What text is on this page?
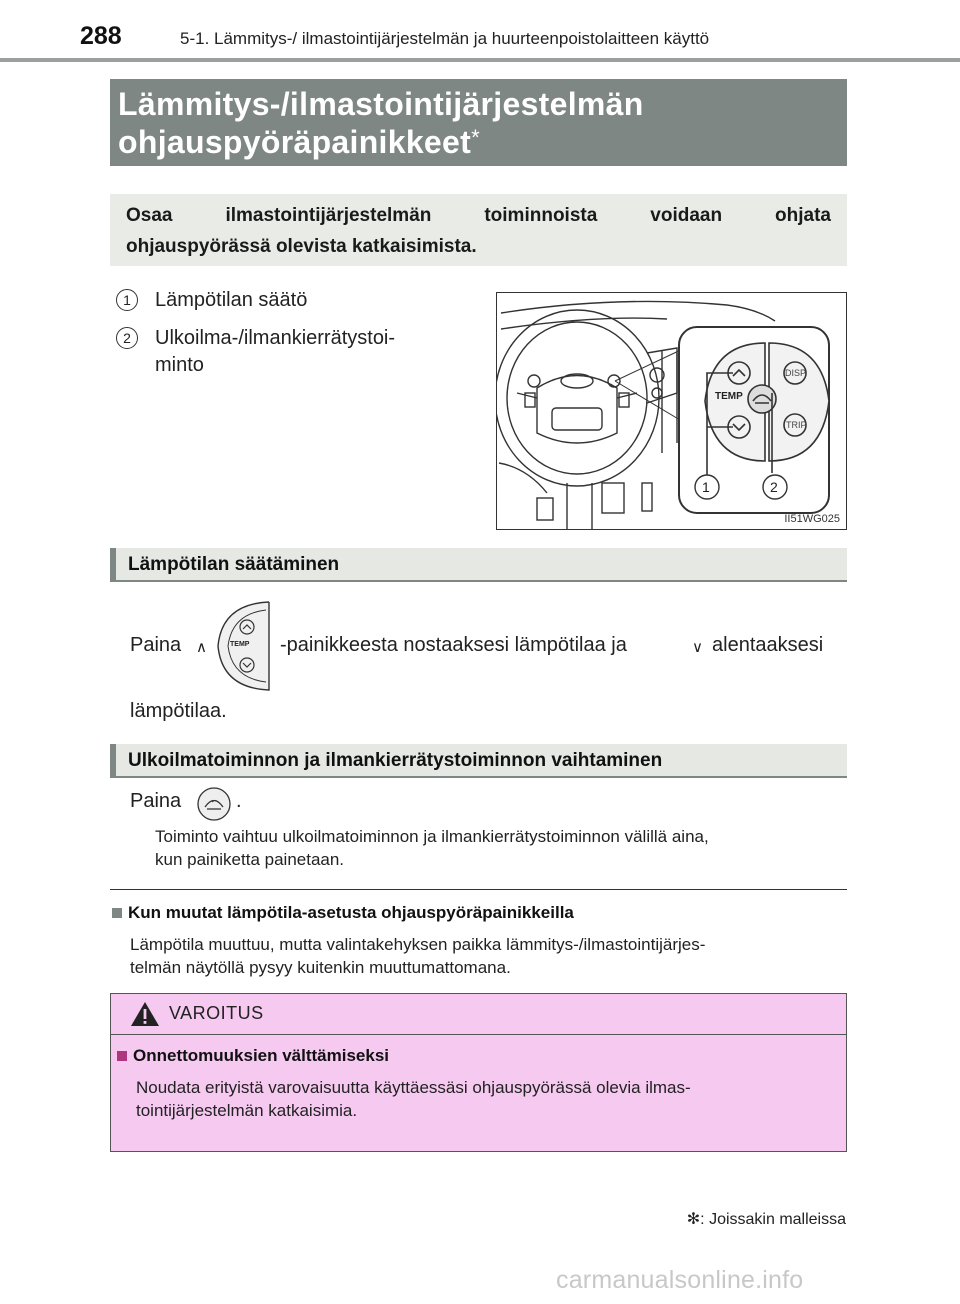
288	5-1. Lämmitys-/ ilmastointijärjestelmän ja huurteenpoistolaitteen käyttö
Lämmitys-/ilmastointijärjestelmän
ohjauspyöräpainikkeet*

Osaa ilmastointijärjestelmän toiminnoista voidaan ohjata

ohjauspyörässä olevista katkaisimista.

1	Lämpötilan säätö
2	Ulkoilma-/ilmankierrätystoi-
minto
TEMP
DISP
TRIP
1	2
II51WG025
Lämpötilan säätäminen
Paina ∧	TEMP -painikkeesta nostaaksesi lämpötilaa ja	∨ alentaaksesi
lämpötilaa.
Ulkoilmatoiminnon ja ilmankierrätystoiminnon vaihtaminen
Paina	.
Toiminto vaihtuu ulkoilmatoiminnon ja ilmankierrätystoiminnon välillä aina,
kun painiketta painetaan.
Kun muutat lämpötila-asetusta ohjauspyöräpainikkeilla
Lämpötila muuttuu, mutta valintakehyksen paikka lämmitys-/ilmastointijärjes-
telmän näytöllä pysyy kuitenkin muuttumattomana.
VAROITUS
Onnettomuuksien välttämiseksi
Noudata erityistä varovaisuutta käyttäessäsi ohjauspyörässä olevia ilmas-
tointijärjestelmän katkaisimia.
✻: Joissakin malleissa
carmanualsonline.info
